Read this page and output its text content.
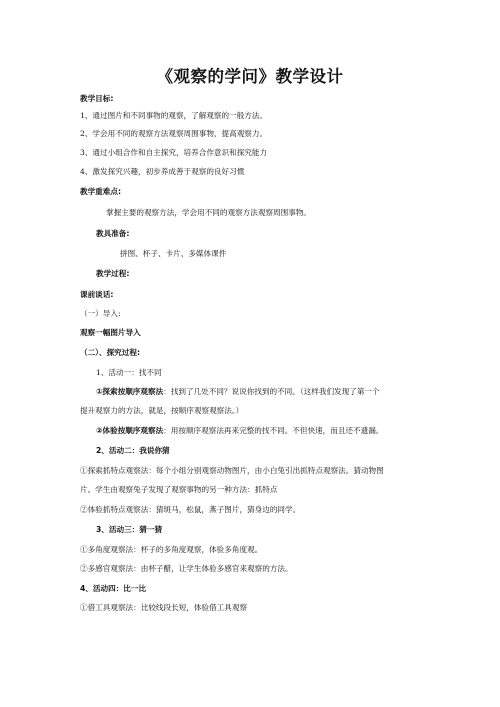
《观察的学问》教学设计
教学目标:
1、通过图片和不同事物的观察，了解观察的一般方法。
2、学会用不同的观察方法观察周围事物，提高观察力。
3、通过小组合作和自主探究，培养合作意识和探究能力
4、激发探究兴趣，初步养成善于观察的良好习惯
教学重难点:
掌握主要的观察方法，学会用不同的观察方法观察周围事物。
教具准备:
拼图、杯子、卡片、多媒体课件
教学过程:
课前谈话:
（一）导入:
观察一幅图片导入
（二）、探究过程:
1、活动一：找不同
①探索按顺序观察法：找到了几处不同？说说你找到的不同。（这样我们发现了第一个
提升观察力的方法，就是，按顺序观察观察法。）
②体验按顺序观察法：用按顺序观察法再来完整的找不同。不但快速，而且还不遗漏。
2、活动二：我说你猜
①探索抓特点观察法：每个小组分别观察动物图片，由小白兔引出抓特点观察法。猜动物图
片。学生由观察兔子发现了观察事物的另一种方法：抓特点
②体验抓特点观察法：猜斑马，松鼠，燕子图片，猜身边的同学。
3、活动三：猜一猜
①多角度观察法：杯子的多角度观察，体验多角度观。
②多感官观察法：由杯子醋，让学生体验多感官来观察的方法。
4、活动四：比一比
①借工具观察法：比较线段长短，体验借工具观察
